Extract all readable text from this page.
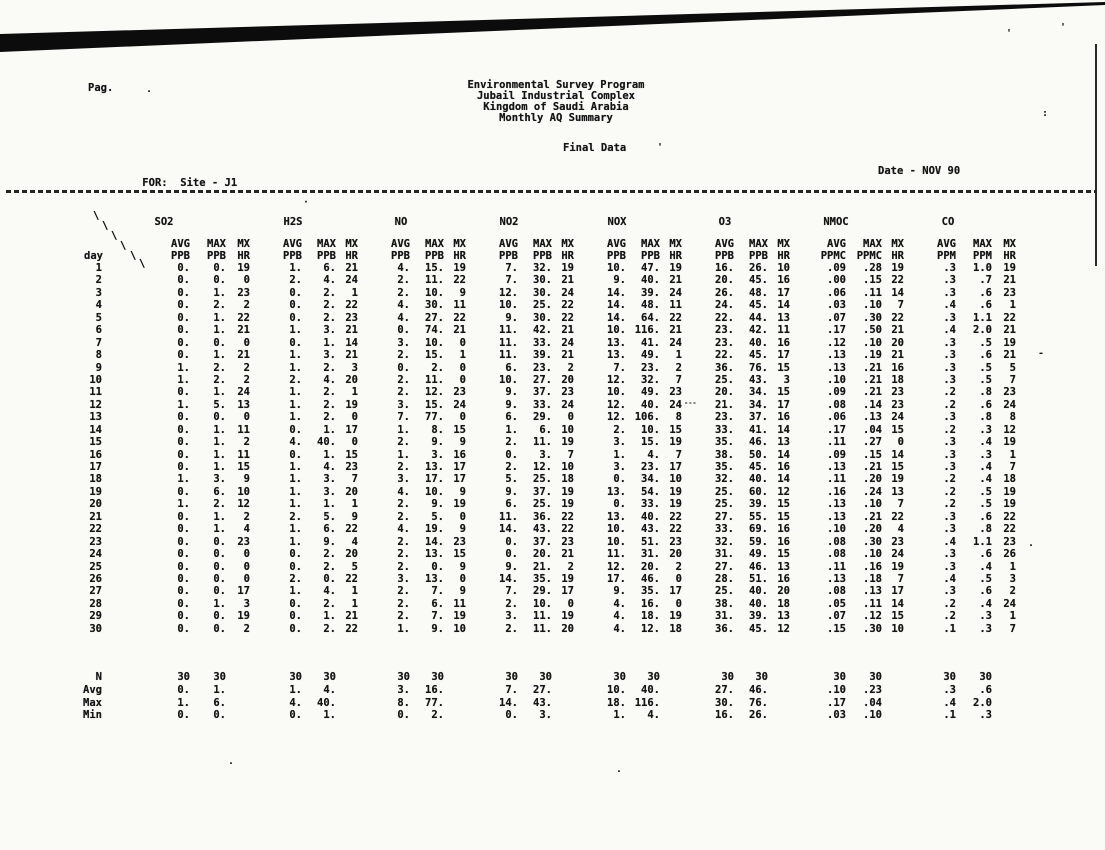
Pag.	Environmental Survey Program
Jubail Industrial Complex
Kingdom of Saudi Arabia
Monthly AQ Summary
Final Data

FOR: Site - J1

Date - NOV 90
\
\
\
\
\
\
day
SO2	H2S	NO	NO2	NOX	O3	NMOC	CO
AVG	MAX	MX	AVG	MAX MX	AVG	MAX MX	AVG	MAX MX	AVG	MAX MX	AVG	MAX MX	AVG	MAX MX	AVG	MAX	MX
PPB	PPB	HR	PPB	PPB HR	PPB	PPB HR	PPB	PPB HR	PPB	PPB HR	PPB	PPB HR	PPMC	PPMC HR	PPM	PPM	HR
1	0.	0.	19	1.	6. 21	4.	15. 19	7.	32. 19	10.	47. 19	16.	26. 10	.09	.28 19	.3	1.0	19
2	0.	0.	0	2.	4. 24	2.	11. 22	7.	30. 21	9.	40. 21	20.	45. 16	.00	.15 22	.3	.7	21
3	0.	1.	23	0.	2.	1	2.	10.	9	12.	30. 24	14.	39. 24	26.	48. 17	.06	.11 14	.3	.6	23
4	0.	2.	2	0.	2. 22	4.	30. 11	10.	25. 22	14.	48. 11	24.	45. 14	.03	.10	7	.4	.6	1
5	0.	1.	22	0.	2. 23	4.	27. 22	9.	30. 22	14.	64. 22	22.	44. 13	.07	.30 22	.3	1.1	22
6	0.	1.	21	1.	3. 21	0.	74. 21	11.	42. 21	10. 116. 21	23.	42. 11	.17	.50 21	.4	2.0	21
7	0.	0.	0	0.	1. 14	3.	10.	0	11.	33. 24	13.	41. 24	23.	40. 16	.12	.10 20	.3	.5	19
8	0.	1.	21	1.	3. 21	2.	15.	1	11.	39. 21	13.	49.	1	22.	45. 17	.13	.19 21	.3	.6	21
9	1.	2.	2	1.	2.	3	0.	2.	0	6.	23.	2	7.	23.	2	36.	76. 15	.13	.21 16	.3	.5	5
10	1.	2.	2	2.	4. 20	2.	11.	0	10.	27. 20	12.	32.	7	25.	43.	3	.10	.21 18	.3	.5	7
11	0.	1.	24	1.	2.	1	2.	12. 23	9.	37. 23	10.	49. 23	20.	34. 15	.09	.21 23	.2	.8	23
12	1.	5.	13	1.	2. 19	3.	15. 24	9.	33. 24	12.	40. 24	21.	34. 17	.08	.14 23	.2	.6	24
13	0.	0.	0	1.	2.	0	7.	77.	0	6.	29.	0	12. 106.	8	23.	37. 16	.06	.13 24	.3	.8	8
14	0.	1.	11	0.	1. 17	1.	8. 15	1.	6. 10	2.	10. 15	33.	41. 14	.17	.04 15	.2	.3	12
15	0.	1.	2	4.	40.	0	2.	9.	9	2.	11. 19	3.	15. 19	35.	46. 13	.11	.27	0	.3	.4	19
16	0.	1.	11	0.	1. 15	1.	3. 16	0.	3.	7	1.	4.	7	38.	50. 14	.09	.15 14	.3	.3	1
17	0.	1.	15	1.	4. 23	2.	13. 17	2.	12. 10	3.	23. 17	35.	45. 16	.13	.21 15	.3	.4	7
18	1.	3.	9	1.	3.	7	3.	17. 17	5.	25. 18	0.	34. 10	32.	40. 14	.11	.20 19	.2	.4	18
19	0.	6.	10	1.	3. 20	4.	10.	9	9.	37. 19	13.	54. 19	25.	60. 12	.16	.24 13	.2	.5	19
20	1.	2.	12	1.	1.	1	2.	9. 19	6.	25. 19	0.	33. 19	25.	39. 15	.13	.10	7	.2	.5	19
21	0.	1.	2	2.	5.	9	2.	5.	0	11.	36. 22	13.	40. 22	27.	55. 15	.13	.21 22	.3	.6	22
22	0.	1.	4	1.	6. 22	4.	19.	9	14.	43. 22	10.	43. 22	33.	69. 16	.10	.20	4	.3	.8	22
23	0.	0.	23	1.	9.	4	2.	14. 23	0.	37. 23	10.	51. 23	32.	59. 16	.08	.30 23	.4	1.1	23
24	0.	0.	0	0.	2. 20	2.	13. 15	0.	20. 21	11.	31. 20	31.	49. 15	.08	.10 24	.3	.6	26
25	0.	0.	0	0.	2.	5	2.	0.	9	9.	21.	2	12.	20.	2	27.	46. 13	.11	.16 19	.3	.4	1
26	0.	0.	0	2.	0. 22	3.	13.	0	14.	35. 19	17.	46.	0	28.	51. 16	.13	.18	7	.4	.5	3
27	0.	0.	17	1.	4.	1	2.	7.	9	7.	29. 17	9.	35. 17	25.	40. 20	.08	.13 17	.3	.6	2
28	0.	1.	3	0.	2.	1	2.	6. 11	2.	10.	0	4.	16.	0	38.	40. 18	.05	.11 14	.2	.4	24
29	0.	0.	19	0.	1. 21	2.	7. 19	3.	11. 19	4.	18. 19	31.	39. 13	.07	.12 15	.2	.3	1
30	0.	0.	2	0.	2. 22	1.	9. 10	2.	11. 20	4.	12. 18	36.	45. 12	.15	.30 10	.1	.3	7
N	30	30	30	30	30	30	30	30	30	30	30	30	30	30	30	30
Avg	0.	1.	1.	4.	3.	16.	7.	27.	10.	40.	27.	46.	.10	.23	.3	.6
Max	1.	6.	4.	40.	8.	77.	14.	43.	18. 116.	30.	76.	.17	.04	.4	2.0
Min	0.	0.	0.	1.	0.	2.	0.	3.	1.	4.	16.	26.	.03	.10	.1	.3
.
'
'
:
-
'
·
.
.
.
---
